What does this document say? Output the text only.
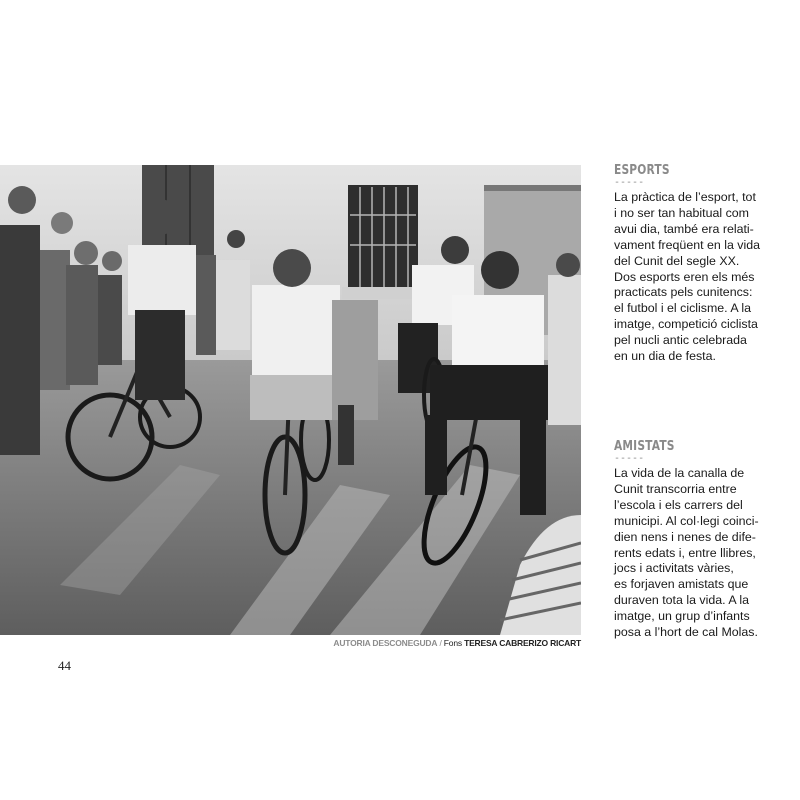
AUTORIA DESCONEGUDA / Fons TERESA CABRERIZO RICART
44
ESPORTS
-----
La pràctica de l’esport, tot
i no ser tan habitual com
avui dia, també era relati-
vament freqüent en la vida
del Cunit del segle XX.
Dos esports eren els més
practicats pels cunitencs:
el futbol i el ciclisme. A la
imatge, competició ciclista
pel nucli antic celebrada
en un dia de festa.
AMISTATS
-----
La vida de la canalla de
Cunit transcorria entre
l’escola i els carrers del
municipi. Al col·legi coinci-
dien nens i nenes de dife-
rents edats i, entre llibres,
jocs i activitats vàries,
es forjaven amistats que
duraven tota la vida. A la
imatge, un grup d’infants
posa a l’hort de cal Molas.
